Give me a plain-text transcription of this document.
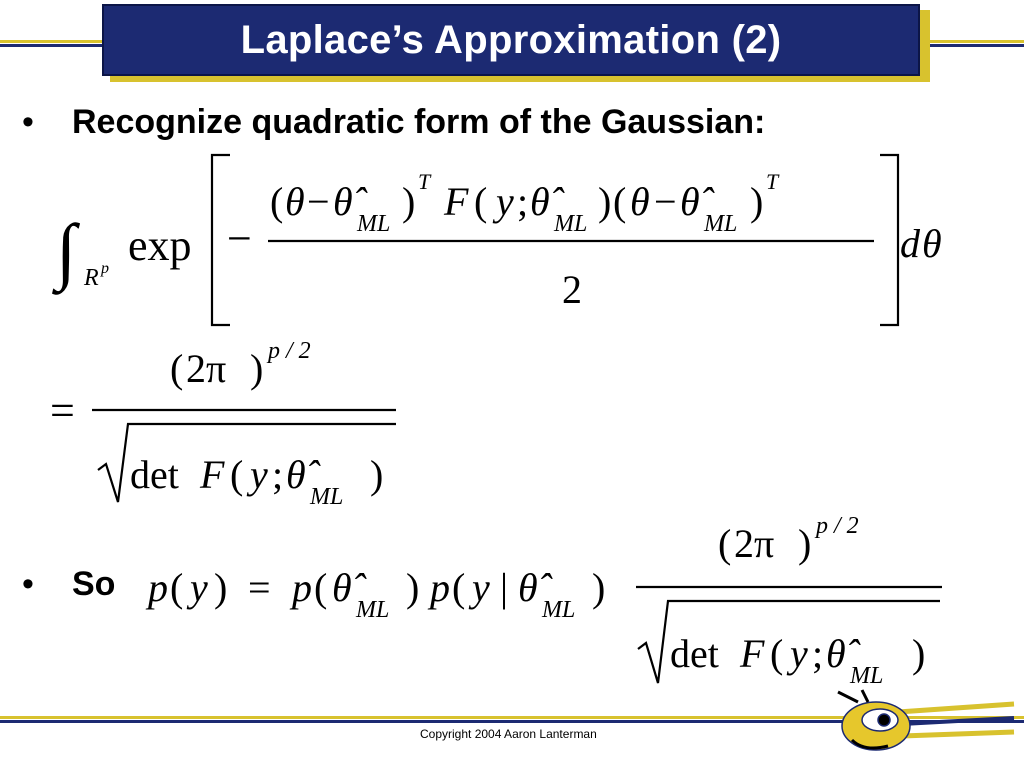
Laplace’s Approximation (2)
• Recognize quadratic form of the Gaussian:
∫ R p exp −
( θ − θ̂ ML ) T F ( y ; θ̂ ML ) ( θ − θ̂ ML ) T
2
d θ
=
( 2π ) p / 2
det F ( y ; θ̂ ML )
• So p ( y ) = p ( θ̂ ML ) p ( y | θ̂ ML )
( 2π ) p / 2
det F ( y ; θ̂ ML )
Copyright 2004 Aaron Lanterman
